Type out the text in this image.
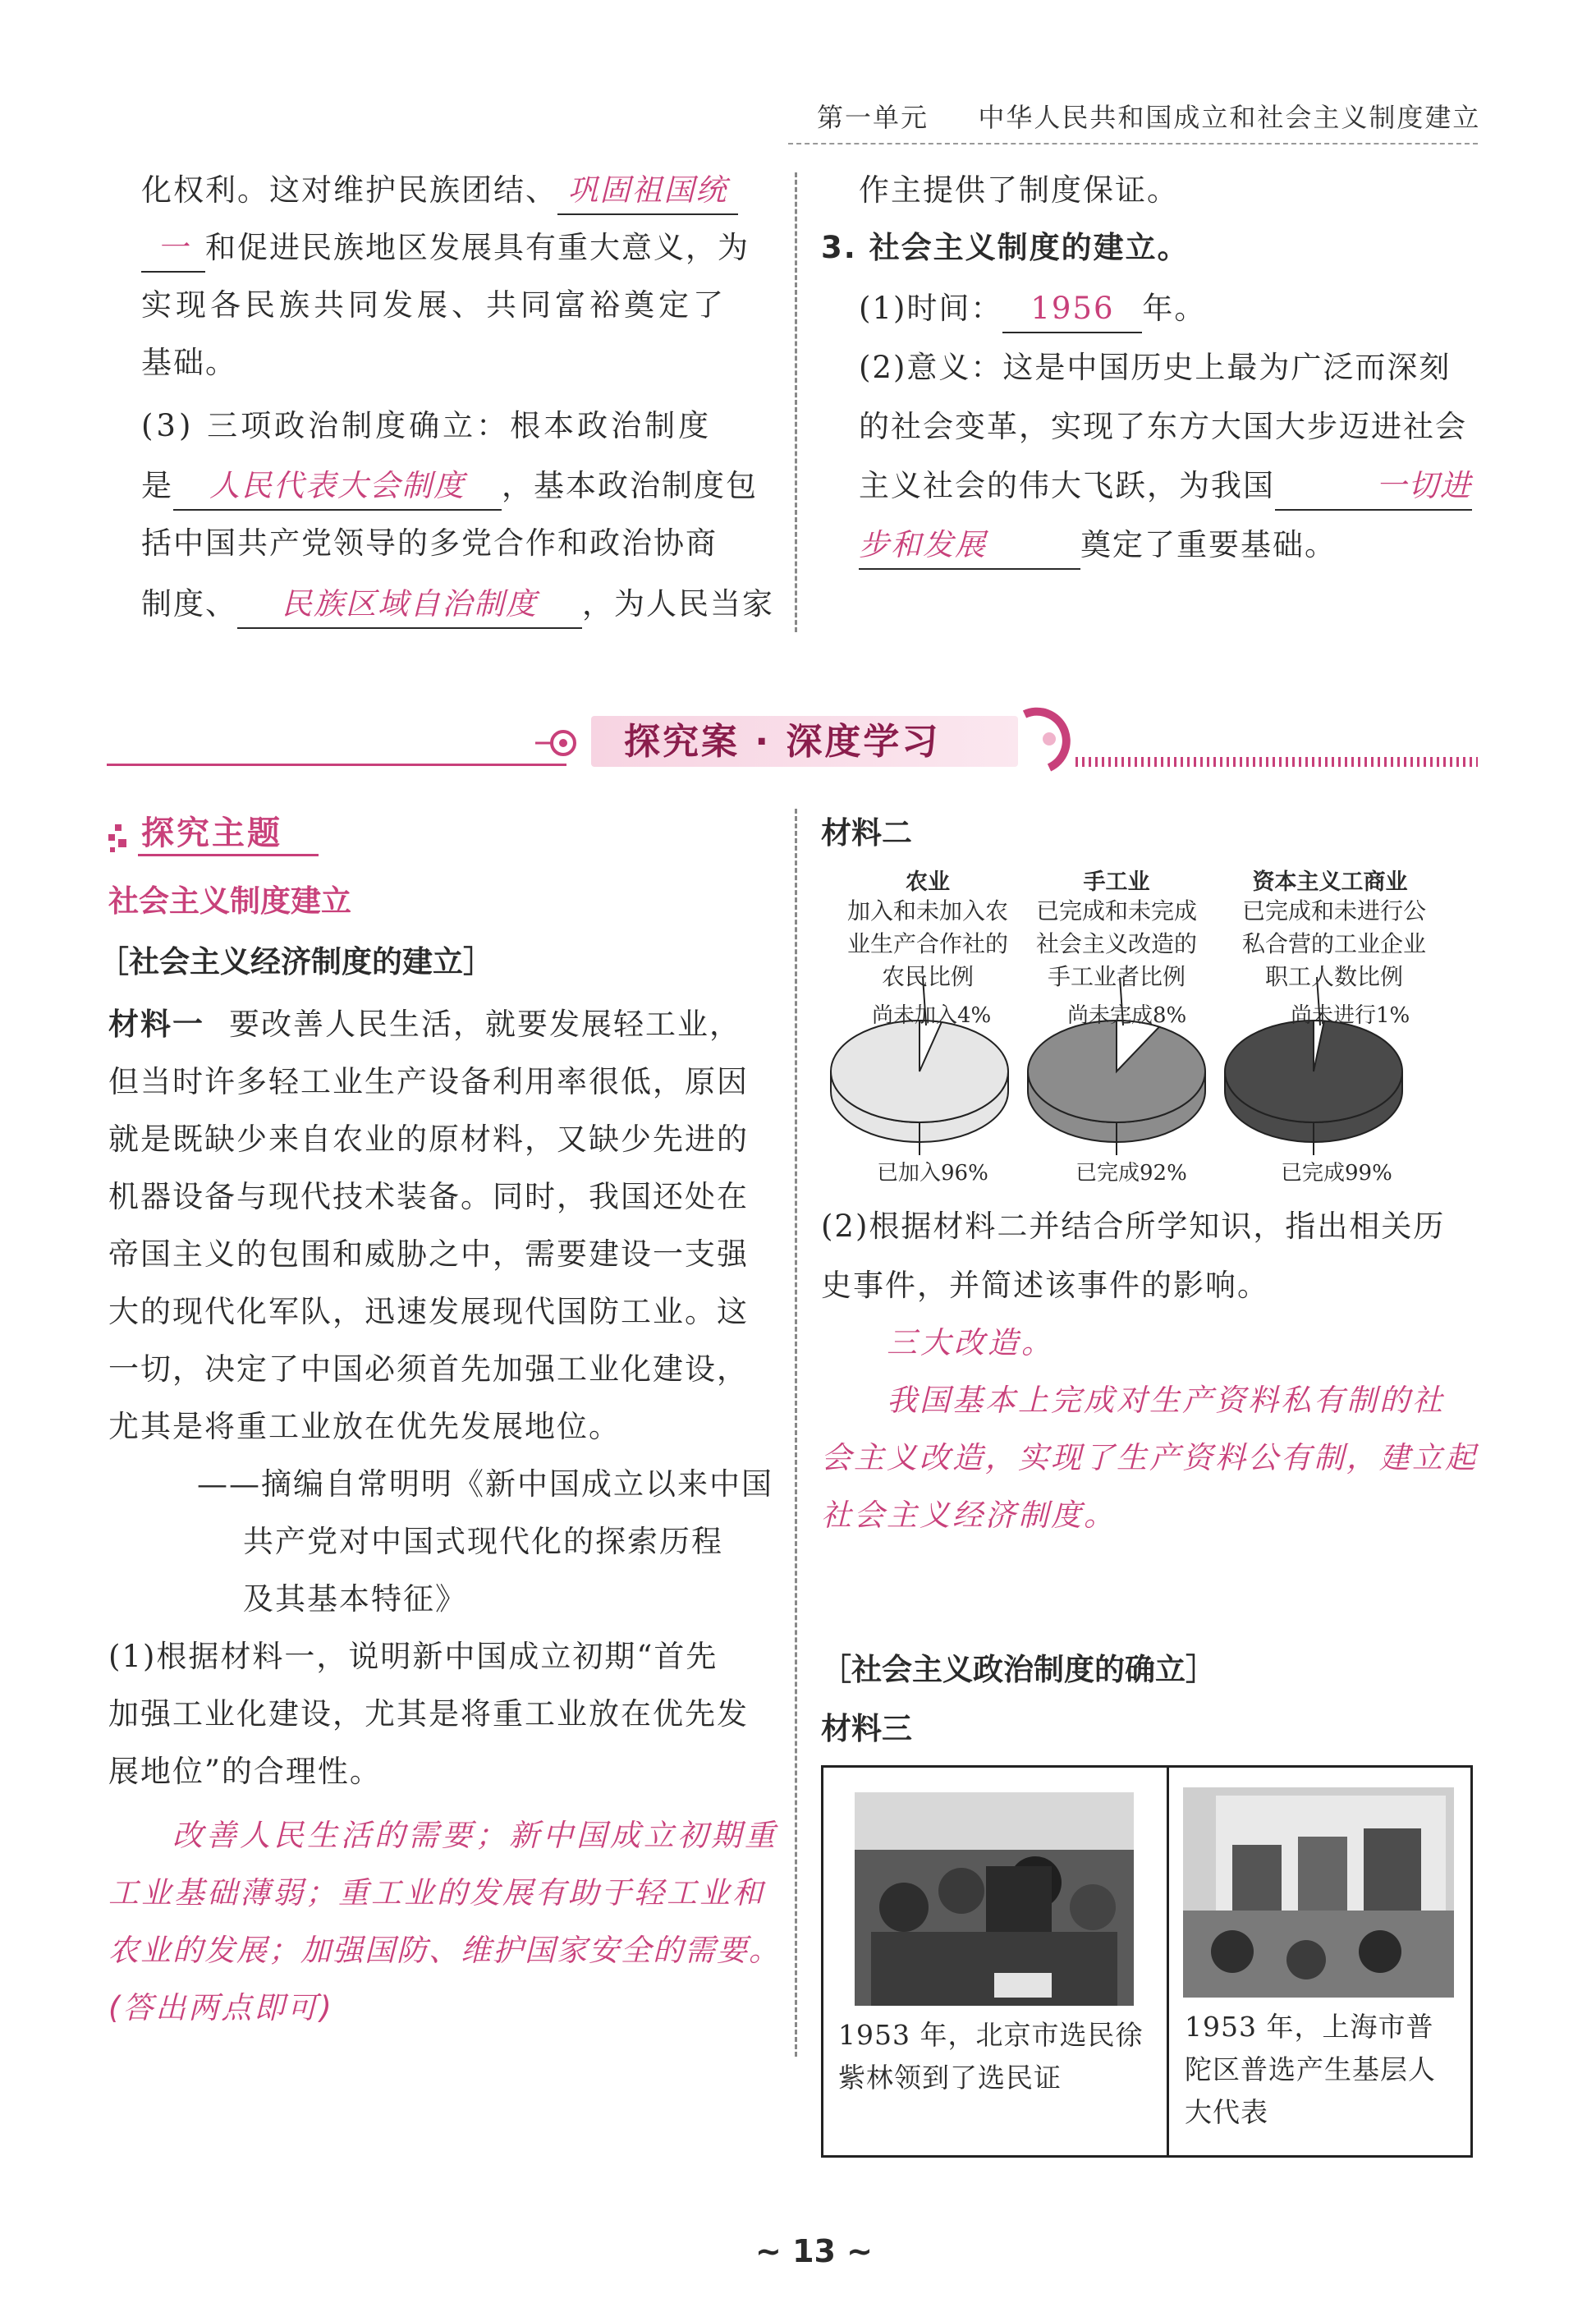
第一单元 中华人民共和国成立和社会主义制度建立
化权利。这对维护民族团结、 巩固祖国统
一 和促进民族地区发展具有重大意义，为
实现各民族共同发展、共同富裕奠定了
基础。
(3) 三项政治制度确立：根本政治制度
是 人民代表大会制度 ，基本政治制度包
括中国共产党领导的多党合作和政治协商
制度、 民族区域自治制度 ，为人民当家
作主提供了制度保证。
3. 社会主义制度的建立。
(1)时间： 1956 年。
(2)意义：这是中国历史上最为广泛而深刻
的社会变革，实现了东方大国大步迈进社会
主义社会的伟大飞跃，为我国	一切进
步和发展	奠定了重要基础。
探究案 · 深度学习
探究主题
社会主义制度建立
［社会主义经济制度的建立］
材料一 要改善人民生活，就要发展轻工业，
但当时许多轻工业生产设备利用率很低，原因
就是既缺少来自农业的原材料，又缺少先进的
机器设备与现代技术装备。同时，我国还处在
帝国主义的包围和威胁之中，需要建设一支强
大的现代化军队，迅速发展现代国防工业。这
一切，决定了中国必须首先加强工业化建设，
尤其是将重工业放在优先发展地位。
——摘编自常明明《新中国成立以来中国
共产党对中国式现代化的探索历程
及其基本特征》
(1)根据材料一，说明新中国成立初期“首先
加强工业化建设，尤其是将重工业放在优先发
展地位”的合理性。
改善人民生活的需要；新中国成立初期重
工业基础薄弱；重工业的发展有助于轻工业和
农业的发展；加强国防、维护国家安全的需要。
(答出两点即可)
材料二
农业
加入和未加入农业生产合作社的农民比例
手工业
已完成和未完成社会主义改造的手工业者比例
资本主义工商业
已完成和未进行公私合营的工业企业职工人数比例
尚未加入4%	尚未完成8%	尚未进行1%
已加入96%	已完成92%	已完成99%
(2)根据材料二并结合所学知识，指出相关历
史事件，并简述该事件的影响。
三大改造。
我国基本上完成对生产资料私有制的社
会主义改造，实现了生产资料公有制，建立起
社会主义经济制度。
［社会主义政治制度的确立］
材料三
1953 年，北京市选民徐紫林领到了选民证
1953 年，上海市普陀区普选产生基层人大代表
~ 13 ~
